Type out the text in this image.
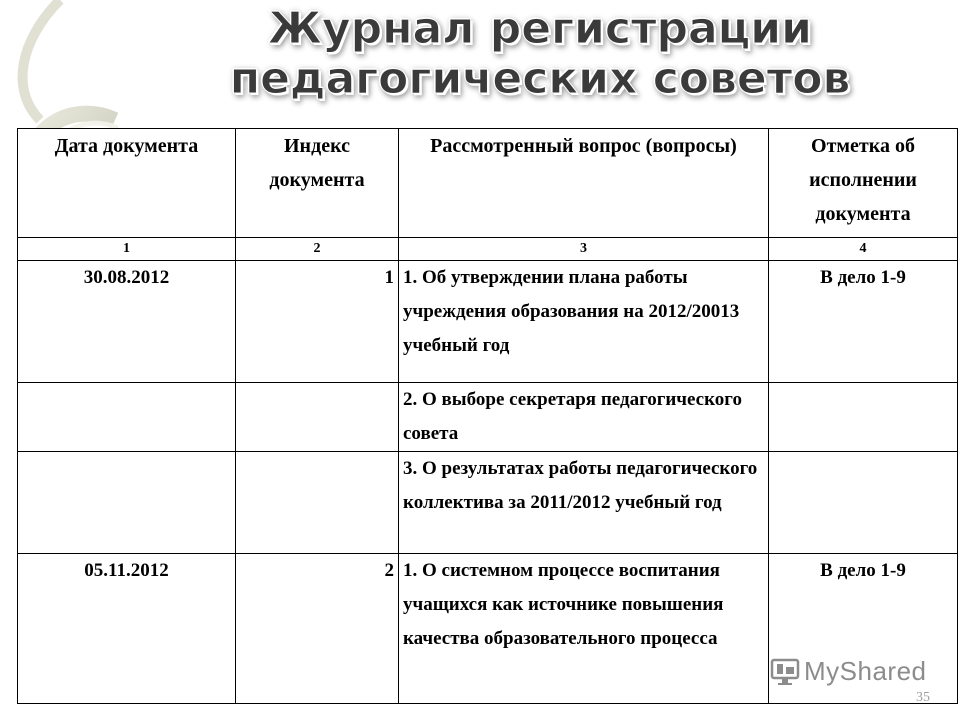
Журнал регистрации
педагогических советов
Дата документа	Индекс документа	Рассмотренный вопрос (вопросы)	Отметка об исполнении документа
1	2	3	4
30.08.2012	1	1. Об утверждении плана работы учреждения образования на 2012/20013 учебный год	В дело 1-9
		2. О выборе секретаря педагогического совета	
		3. О результатах работы педагогического коллектива за 2011/2012 учебный год	
05.11.2012	2	1. О системном процессе воспитания учащихся как источнике повышения качества образовательного процесса	В дело 1-9
MyShared
35
